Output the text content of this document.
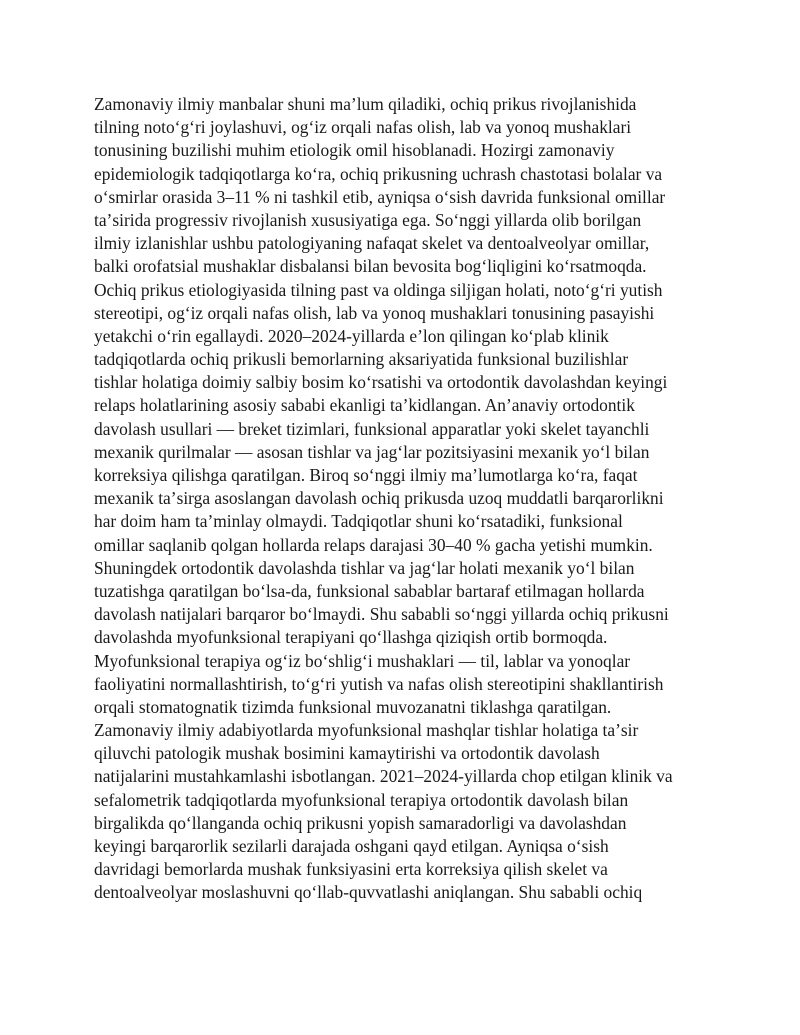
Zamonaviy ilmiy manbalar shuni maʼlum qiladiki, ochiq prikus rivojlanishida
tilning notoʻgʻri joylashuvi, ogʻiz orqali nafas olish, lab va yonoq mushaklari
tonusining buzilishi muhim etiologik omil hisoblanadi. Hozirgi zamonaviy
epidemiologik tadqiqotlarga koʻra, ochiq prikusning uchrash chastotasi bolalar va
oʻsmirlar orasida 3–11 % ni tashkil etib, ayniqsa oʻsish davrida funksional omillar
taʼsirida progressiv rivojlanish xususiyatiga ega. Soʻnggi yillarda olib borilgan
ilmiy izlanishlar ushbu patologiyaning nafaqat skelet va dentoalveolyar omillar,
balki orofatsial mushaklar disbalansi bilan bevosita bogʻliqligini koʻrsatmoqda.
Ochiq prikus etiologiyasida tilning past va oldinga siljigan holati, notoʻgʻri yutish
stereotipi, ogʻiz orqali nafas olish, lab va yonoq mushaklari tonusining pasayishi
yetakchi oʻrin egallaydi. 2020–2024-yillarda eʼlon qilingan koʻplab klinik
tadqiqotlarda ochiq prikusli bemorlarning aksariyatida funksional buzilishlar
tishlar holatiga doimiy salbiy bosim koʻrsatishi va ortodontik davolashdan keyingi
relaps holatlarining asosiy sababi ekanligi taʼkidlangan. Anʼanaviy ortodontik
davolash usullari — breket tizimlari, funksional apparatlar yoki skelet tayanchli
mexanik qurilmalar — asosan tishlar va jagʻlar pozitsiyasini mexanik yoʻl bilan
korreksiya qilishga qaratilgan. Biroq soʻnggi ilmiy maʼlumotlarga koʻra, faqat
mexanik taʼsirga asoslangan davolash ochiq prikusda uzoq muddatli barqarorlikni
har doim ham taʼminlay olmaydi. Tadqiqotlar shuni koʻrsatadiki, funksional
omillar saqlanib qolgan hollarda relaps darajasi 30–40 % gacha yetishi mumkin.
Shuningdek ortodontik davolashda tishlar va jagʻlar holati mexanik yoʻl bilan
tuzatishga qaratilgan boʻlsa-da, funksional sabablar bartaraf etilmagan hollarda
davolash natijalari barqaror boʻlmaydi. Shu sababli soʻnggi yillarda ochiq prikusni
davolashda myofunksional terapiyani qoʻllashga qiziqish ortib bormoqda.
Myofunksional terapiya ogʻiz boʻshligʻi mushaklari — til, lablar va yonoqlar
faoliyatini normallashtirish, toʻgʻri yutish va nafas olish stereotipini shakllantirish
orqali stomatognatik tizimda funksional muvozanatni tiklashga qaratilgan.
Zamonaviy ilmiy adabiyotlarda myofunksional mashqlar tishlar holatiga taʼsir
qiluvchi patologik mushak bosimini kamaytirishi va ortodontik davolash
natijalarini mustahkamlashi isbotlangan. 2021–2024-yillarda chop etilgan klinik va
sefalometrik tadqiqotlarda myofunksional terapiya ortodontik davolash bilan
birgalikda qoʻllanganda ochiq prikusni yopish samaradorligi va davolashdan
keyingi barqarorlik sezilarli darajada oshgani qayd etilgan. Ayniqsa oʻsish
davridagi bemorlarda mushak funksiyasini erta korreksiya qilish skelet va
dentoalveolyar moslashuvni qoʻllab-quvvatlashi aniqlangan. Shu sababli ochiq
